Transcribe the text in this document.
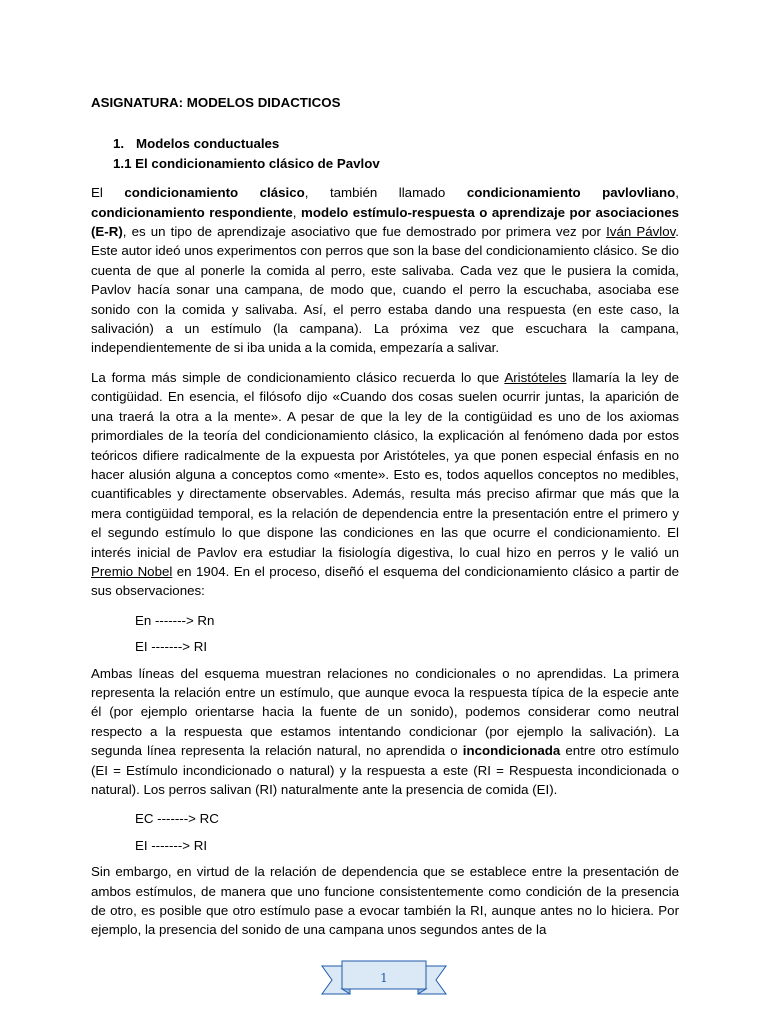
ASIGNATURA: MODELOS DIDACTICOS
1. Modelos conductuales
1.1 El condicionamiento clásico de Pavlov

El condicionamiento clásico, también llamado condicionamiento pavlovliano, condicionamiento respondiente, modelo estímulo-respuesta o aprendizaje por asociaciones (E-R), es un tipo de aprendizaje asociativo que fue demostrado por primera vez por Iván Pávlov. Este autor ideó unos experimentos con perros que son la base del condicionamiento clásico. Se dio cuenta de que al ponerle la comida al perro, este salivaba. Cada vez que le pusiera la comida, Pavlov hacía sonar una campana, de modo que, cuando el perro la escuchaba, asociaba ese sonido con la comida y salivaba. Así, el perro estaba dando una respuesta (en este caso, la salivación) a un estímulo (la campana). La próxima vez que escuchara la campana, independientemente de si iba unida a la comida, empezaría a salivar.

La forma más simple de condicionamiento clásico recuerda lo que Aristóteles llamaría la ley de contigüidad. En esencia, el filósofo dijo «Cuando dos cosas suelen ocurrir juntas, la aparición de una traerá la otra a la mente». A pesar de que la ley de la contigüidad es uno de los axiomas primordiales de la teoría del condicionamiento clásico, la explicación al fenómeno dada por estos teóricos difiere radicalmente de la expuesta por Aristóteles, ya que ponen especial énfasis en no hacer alusión alguna a conceptos como «mente». Esto es, todos aquellos conceptos no medibles, cuantificables y directamente observables. Además, resulta más preciso afirmar que más que la mera contigüidad temporal, es la relación de dependencia entre la presentación entre el primero y el segundo estímulo lo que dispone las condiciones en las que ocurre el condicionamiento. El interés inicial de Pavlov era estudiar la fisiología digestiva, lo cual hizo en perros y le valió un Premio Nobel en 1904. En el proceso, diseñó el esquema del condicionamiento clásico a partir de sus observaciones:

En -------> Rn
EI -------> RI

Ambas líneas del esquema muestran relaciones no condicionales o no aprendidas. La primera representa la relación entre un estímulo, que aunque evoca la respuesta típica de la especie ante él (por ejemplo orientarse hacia la fuente de un sonido), podemos considerar como neutral respecto a la respuesta que estamos intentando condicionar (por ejemplo la salivación). La segunda línea representa la relación natural, no aprendida o incondicionada entre otro estímulo (EI = Estímulo incondicionado o natural) y la respuesta a este (RI = Respuesta incondicionada o natural). Los perros salivan (RI) naturalmente ante la presencia de comida (EI).

EC -------> RC
EI -------> RI

Sin embargo, en virtud de la relación de dependencia que se establece entre la presentación de ambos estímulos, de manera que uno funcione consistentemente como condición de la presencia de otro, es posible que otro estímulo pase a evocar también la RI, aunque antes no lo hiciera. Por ejemplo, la presencia del sonido de una campana unos segundos antes de la

1
